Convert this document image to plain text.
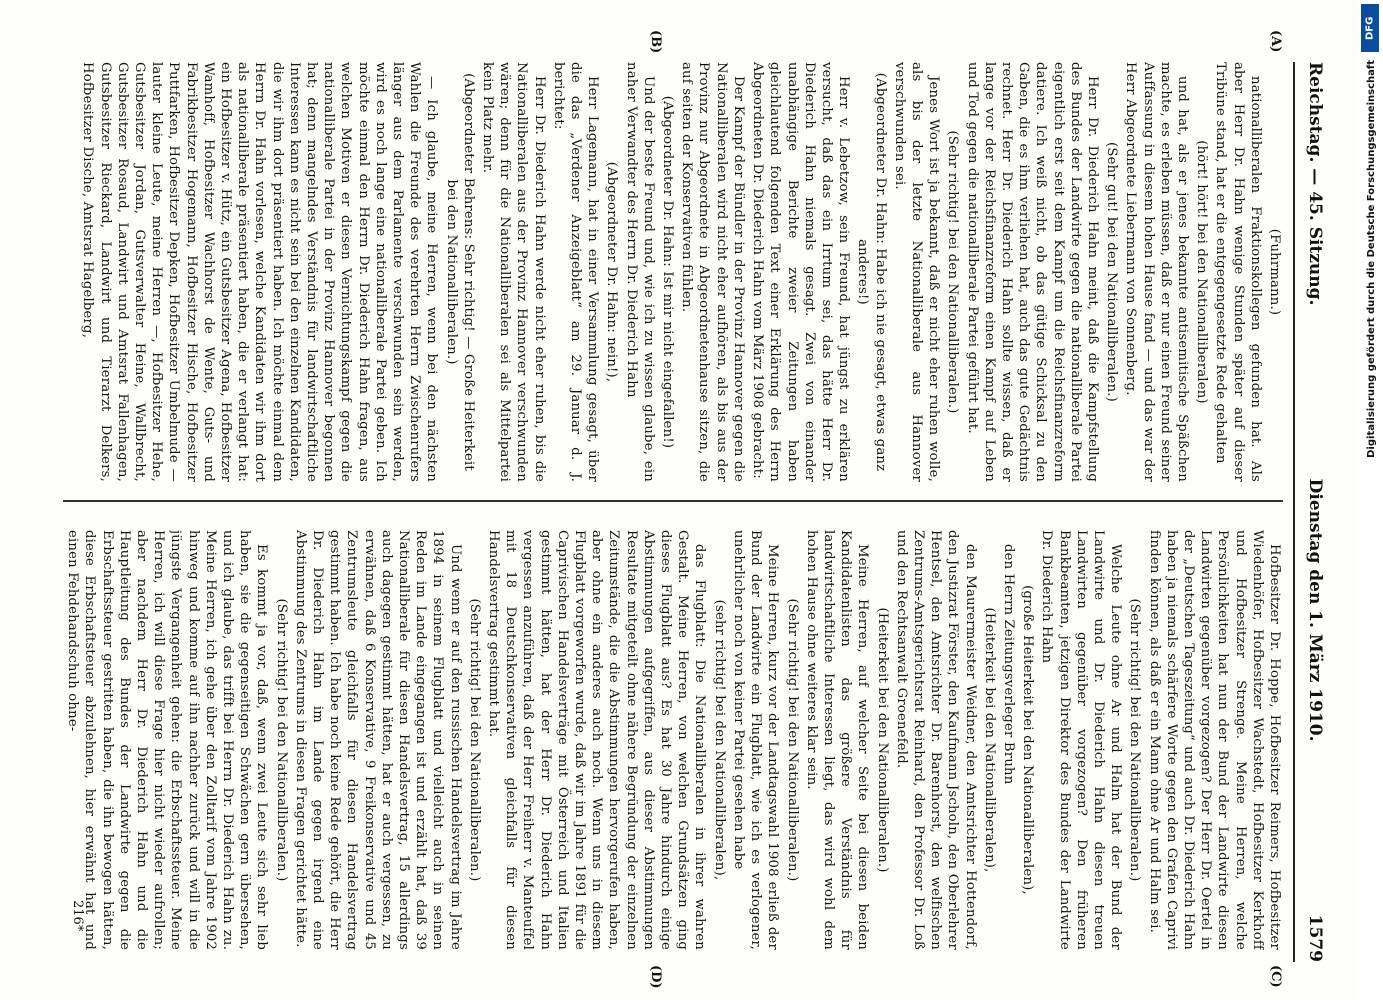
Reichstag. — 45. Sitzung.
Dienstag den 1. März 1910.
1579
(A)
(B)
(C)
(D)

(Fuhrmann.)

nationalliberalen Fraktionskollegen gefunden hat. Als aber Herr Dr. Hahn wenige Stunden später auf dieser Tribüne stand, hat er die entgegengesetzte Rede gehalten

(hört! hört! bei den Nationalliberalen)

und hat, als er jenes bekannte antisemitische Späßchen machte, es erleben müssen, daß er nur einen Freund seiner Auffassung in diesem hohen Hause fand — und das war der Herr Abgeordnete Liebermann von Sonnenberg.

(Sehr gut! bei den Nationalliberalen.)

Herr Dr. Diederich Hahn meint, daß die Kampfstellung des Bundes der Landwirte gegen die nationalliberale Partei eigentlich erst seit dem Kampf um die Reichsfinanzreform datiere. Ich weiß nicht, ob das gütige Schicksal zu den Gaben, die es ihm verliehen hat, auch das gute Gedächtnis rechnet. Herr Dr. Diederich Hahn sollte wissen, daß er lange vor der Reichsfinanzreform einen Kampf auf Leben und Tod gegen die nationalliberale Partei geführt hat.

(Sehr richtig! bei den Nationalliberalen.)

Jenes Wort ist ja bekannt, daß er nicht eher ruhen wolle, als bis der letzte Nationalliberale aus Hannover verschwunden sei.

(Abgeordneter Dr. Hahn: Habe ich nie gesagt, etwas ganz anderes!)

Herr v. Lebetzow, sein Freund, hat jüngst zu erklären versucht, daß das ein Irrtum sei, das hätte Herr Dr. Diederich Hahn niemals gesagt. Zwei von einander unabhängige Berichte zweier Zeitungen haben gleichlautend folgenden Text einer Erklärung des Herrn Abgeordneten Dr. Diederich Hahn vom März 1908 gebracht:

Der Kampf der Bündler in der Provinz Hannover gegen die Nationalliberalen wird nicht eher aufhören, als bis aus der Provinz nur Abgeordnete in Abgeordnetenhause sitzen, die auf seiten der Konservativen fühlen.

(Abgeordneter Dr. Hahn: Ist mir nicht eingefallen!)

Und der beste Freund und, wie ich zu wissen glaube, ein naher Verwandter des Herrn Dr. Diederich Hahn

(Abgeordneter Dr. Hahn: nein!),

Herr Lagemann, hat in einer Versammlung gesagt, über die das „Verdener Anzeigeblatt“ am 29. Januar d. J. berichtet:

Herr Dr. Diederich Hahn werde nicht eher ruhen, bis die Nationalliberalen aus der Provinz Hannover verschwunden wären; denn für die Nationalliberalen sei als Mittelpartei kein Platz mehr.

(Abgeordneter Behrens: Sehr richtig! — Große Heiterkeit bei den Nationalliberalen.)

— Ich glaube, meine Herren, wenn bei den nächsten Wahlen die Freunde des verehrten Herrn Zwischenrufers länger aus dem Parlamente verschwunden sein werden, wird es noch lange eine nationalliberale Partei geben. Ich möchte einmal den Herrn Dr. Diederich Hahn fragen, aus welchen Motiven er diesen Vernichtungskampf gegen die nationalliberale Partei in der Provinz Hannover begonnen hat; denn mangelndes Verständnis für landwirtschaftliche Interessen kann es nicht sein bei den einzelnen Kandidaten, die wir ihm dort präsentiert haben. Ich möchte einmal dem Herrn Dr. Hahn vorlesen, welche Kandidaten wir ihm dort als nationalliberale präsentiert haben, die er verlangt hat: ein Hofbesitzer v. Hütz, ein Gutsbesitzer Agena, Hofbesitzer Wamhoff, Hofbesitzer Wachhorst de Wente, Guts- und Fabrikbesitzer Hogemann, Hofbesitzer Hische, Hofbesitzer Puttfarken, Hofbesitzer Depken, Hofbesitzer Umbelmude — lauter kleine Leute, meine Herren —, Hofbesitzer Hehe, Gutsbesitzer Jordan, Gutsverwalter Heine, Wallbrecht, Gutsbesitzer Rosaud, Landwirt und Amtsrat Fallenhagen, Gutsbesitzer Rieckard, Landwirt und Tierarzt Delkers, Hofbesitzer Dische, Amtsrat Hagelberg,

Hofbesitzer Dr. Hoppe, Hofbesitzer Reimers, Hofbesitzer Wiedenhöfer, Hofbesitzer Wachstedt, Hofbesitzer Kerkhoff und Hofbesitzer Strenge. Meine Herren, welche Persönlichkeiten hat nun der Bund der Landwirte diesen Landwirten gegenüber vorgezogen? Der Herr Dr. Oertel in der „Deutschen Tageszeitung“ und auch Dr. Diederich Hahn haben ja niemals schärfere Worte gegen den Grafen Caprivi finden können, als daß er ein Mann ohne Ar und Halm sei.

(Sehr richtig! bei den Nationalliberalen.)

Welche Leute ohne Ar und Halm hat der Bund der Landwirte und Dr. Diederich Hahn diesen treuen Landwirten gegenüber vorgezogen? Den früheren Bankbeamten, jetzigen Direktor des Bundes der Landwirte Dr. Diederich Hahn

(große Heiterkeit bei den Nationalliberalen),

den Herrn Zeitungsverleger Bruhn

(Heiterkeit bei den Nationalliberalen),

den Maurermeister Weidner, den Amtsrichter Hottendorf, den Justizrat Förster, den Kaufmann Jscholn, den Oberlehrer Hentsel, den Amtsrichter Dr. Barenhorst, den welfischen Zentrums-Amtsgerichtsrat Reinhard, den Professor Dr. Loß und den Rechtsanwalt Groenefeld.

(Heiterkeit bei den Nationalliberalen.)

Meine Herren, auf welcher Seite bei diesen beiden Kandidatenlisten das größere Verständnis für landwirtschaftliche Interessen liegt, das wird wohl dem hohen Hause ohne weiteres klar sein.

(Sehr richtig! bei den Nationalliberalen.)

Meine Herren, kurz vor der Landtagswahl 1908 erließ der Bund der Landwirte ein Flugblatt, wie ich es verlogener, unehrlicher noch von keiner Partei gesehen habe

(sehr richtig! bei den Nationalliberalen),

das Flugblatt: Die Nationalliberalen in ihrer wahren Gestalt. Meine Herren, von welchen Grundsätzen ging dieses Flugblatt aus? Es hat 30 Jahre hindurch einige Abstimmungen aufgegriffen, aus dieser Abstimmungen Resultate mitgeteilt ohne nähere Begründung der einzelnen Zeitumstände, die die Abstimmungen hervorgerufen haben, aber ohne ein anderes auch noch. Wenn uns in diesem Flugblatt vorgeworfen wurde, daß wir im Jahre 1891 für die Caprivischen Handelsverträge mit Österreich und Italien gestimmt hätten, hat der Herr Dr. Diederich Hahn vergessen anzuführen, daß der Herr Freiherr v. Manteuffel mit 18 Deutschkonservativen gleichfalls für diesen Handelsvertrag gestimmt hat.

(Sehr richtig! bei den Nationalliberalen.)

Und wenn er auf den russischen Handelsvertrag im Jahre 1894 in seinem Flugblatt und vielleicht auch in seinen Reden im Lande eingegangen ist und erzählt hat, daß 39 Nationalliberale für diesen Handelsvertrag, 15 allerdings auch dagegen gestimmt hätten, hat er auch vergessen, zu erwähnen, daß 6 Konservative, 9 Freikonservative und 45 Zentrumsleute gleichfalls für diesen Handelsvertrag gestimmt haben. Ich habe noch keine Rede gehört, die Herr Dr. Diederich Hahn im Lande gegen irgend eine Abstimmung des Zentrums in diesen Fragen gerichtet hätte.

(Sehr richtig! bei den Nationalliberalen.)

Es kommt ja vor, daß, wenn zwei Leute sich sehr lieb haben, sie die gegenseitigen Schwächen gern übersehen, und ich glaube, das trifft bei Herrn Dr. Diederich Hahn zu. Meine Herren, ich gehe über den Zolltarif vom Jahre 1902 hinweg und komme auf ihn nachher zurück und will in die jüngste Vergangenheit gehen: die Erbschaftssteuer. Meine Herren, ich will diese Frage hier nicht wieder aufrollen; aber nachdem Herr Dr. Diederich Hahn und die Hauptleitung des Bundes der Landwirte gegen die Erbschaftssteuer gestritten haben, die ihn bewogen hätten, diese Erbschaftsteuer abzulehnen, hier erwähnt hat und einen Fehdehandschuh ohne-

216*
DFG
Digitalisierung gefördert durch die Deutsche Forschungsgemeinschaft
